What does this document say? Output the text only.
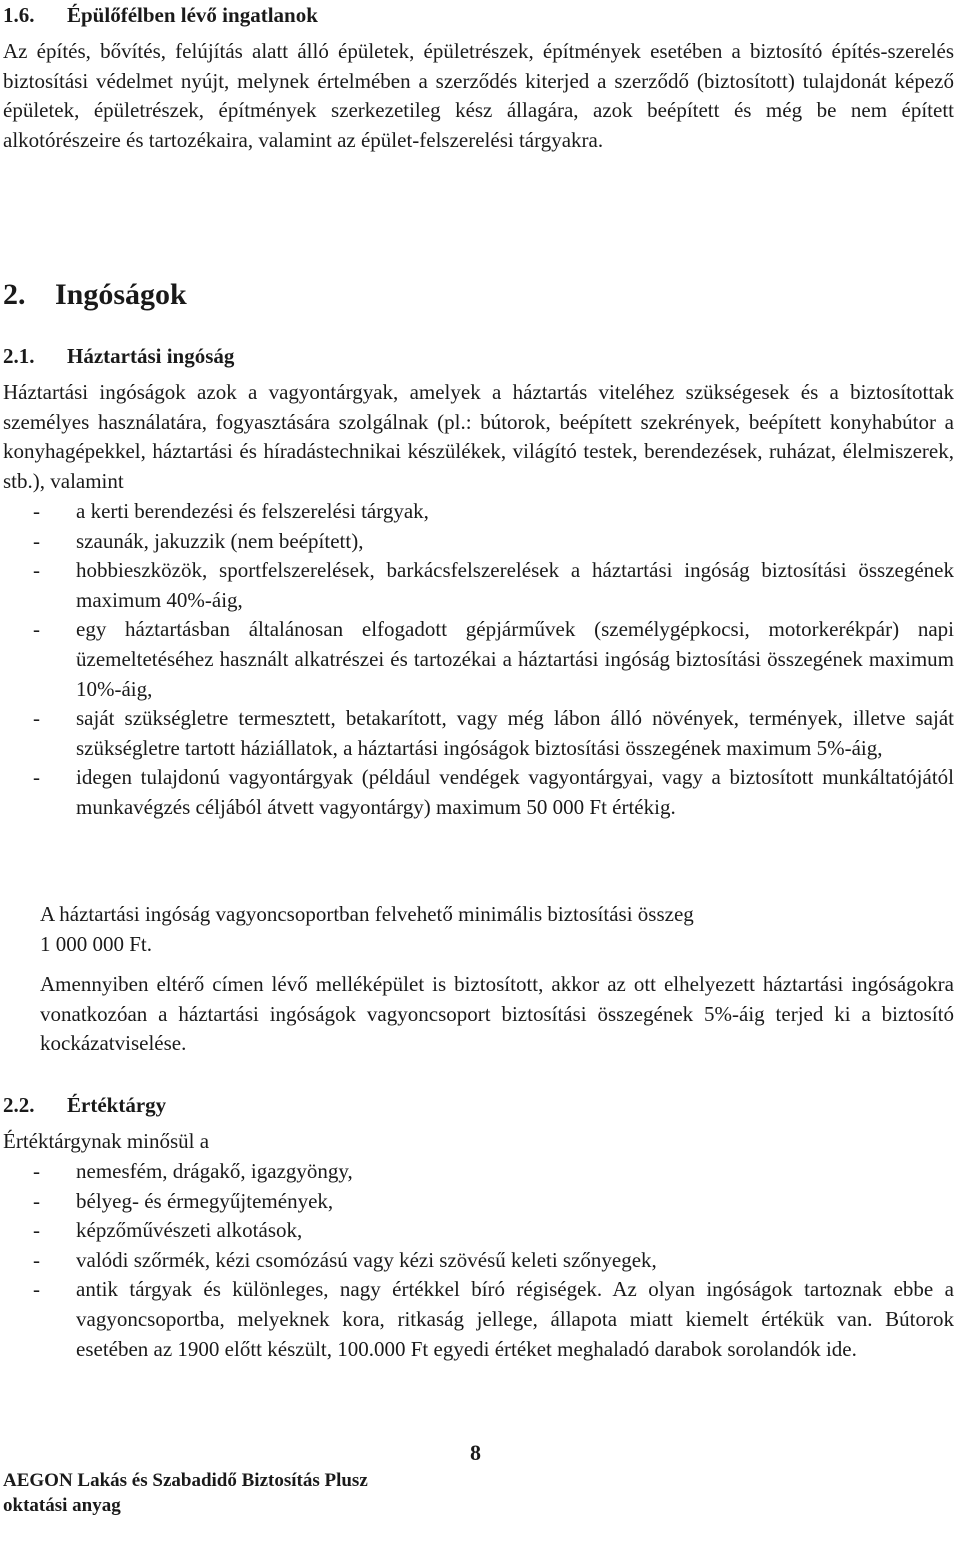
1.6. Épülőfélben lévő ingatlanok
Az építés, bővítés, felújítás alatt álló épületek, épületrészek, építmények esetében a biztosító építés-szerelés biztosítási védelmet nyújt, melynek értelmében a szerződés kiterjed a szerződő (biztosított) tulajdonát képező épületek, épületrészek, építmények szerkezetileg kész állagára, azok beépített és még be nem épített alkotórészeire és tartozékaira, valamint az épület-felszerelési tárgyakra.
2. Ingóságok
2.1. Háztartási ingóság
Háztartási ingóságok azok a vagyontárgyak, amelyek a háztartás viteléhez szükségesek és a biztosítottak személyes használatára, fogyasztására szolgálnak (pl.: bútorok, beépített szekrények, beépített konyhabútor a konyhagépekkel, háztartási és híradástechnikai készülékek, világító testek, berendezések, ruházat, élelmiszerek, stb.), valamint
- a kerti berendezési és felszerelési tárgyak,
- szaunák, jakuzzik (nem beépített),
- hobbieszközök, sportfelszerelések, barkácsfelszerelések a háztartási ingóság biztosítási összegének maximum 40%-áig,
- egy háztartásban általánosan elfogadott gépjárművek (személygépkocsi, motorkerékpár) napi üzemeltetéséhez használt alkatrészei és tartozékai a háztartási ingóság biztosítási összegének maximum 10%-áig,
- saját szükségletre termesztett, betakarított, vagy még lábon álló növények, termények, illetve saját szükségletre tartott háziállatok, a háztartási ingóságok biztosítási összegének maximum 5%-áig,
- idegen tulajdonú vagyontárgyak (például vendégek vagyontárgyai, vagy a biztosított munkáltatójától munkavégzés céljából átvett vagyontárgy) maximum 50 000 Ft értékig.
A háztartási ingóság vagyoncsoportban felvehető minimális biztosítási összeg
1 000 000 Ft.
Amennyiben eltérő címen lévő melléképület is biztosított, akkor az ott elhelyezett háztartási ingóságokra vonatkozóan a háztartási ingóságok vagyoncsoport biztosítási összegének 5%-áig terjed ki a biztosító kockázatviselése.
2.2. Értéktárgy
Értéktárgynak minősül a
- nemesfém, drágakő, igazgyöngy,
- bélyeg- és érmegyűjtemények,
- képzőművészeti alkotások,
- valódi szőrmék, kézi csomózású vagy kézi szövésű keleti szőnyegek,
- antik tárgyak és különleges, nagy értékkel bíró régiségek. Az olyan ingóságok tartoznak ebbe a vagyoncsoportba, melyeknek kora, ritkaság jellege, állapota miatt kiemelt értékük van. Bútorok esetében az 1900 előtt készült, 100.000 Ft egyedi értéket meghaladó darabok sorolandók ide.
8
AEGON Lakás és Szabadidő Biztosítás Plusz
oktatási anyag
